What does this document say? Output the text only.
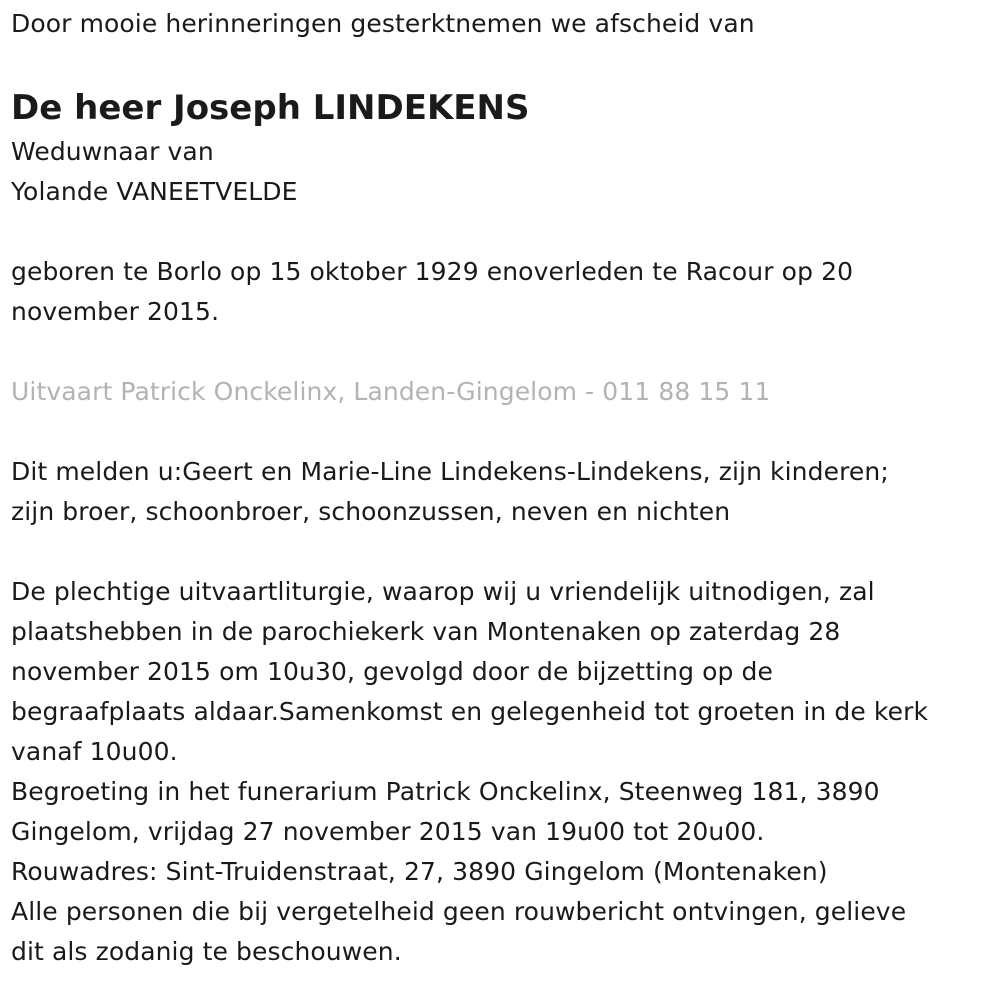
Door mooie herinneringen gesterktnemen we afscheid van
De heer Joseph LINDEKENS
Weduwnaar van
Yolande VANEETVELDE
geboren te Borlo op 15 oktober 1929 enoverleden te Racour op 20
november 2015.
Uitvaart Patrick Onckelinx, Landen-Gingelom - 011 88 15 11
Dit melden u:Geert en Marie-Line Lindekens-Lindekens, zijn kinderen;
zijn broer, schoonbroer, schoonzussen, neven en nichten
De plechtige uitvaartliturgie, waarop wij u vriendelijk uitnodigen, zal
plaatshebben in de parochiekerk van Montenaken op zaterdag 28
november 2015 om 10u30, gevolgd door de bijzetting op de
begraafplaats aldaar.Samenkomst en gelegenheid tot groeten in de kerk
vanaf 10u00.
Begroeting in het funerarium Patrick Onckelinx, Steenweg 181, 3890
Gingelom, vrijdag 27 november 2015 van 19u00 tot 20u00.
Rouwadres: Sint-Truidenstraat, 27, 3890 Gingelom (Montenaken)
Alle personen die bij vergetelheid geen rouwbericht ontvingen, gelieve
dit als zodanig te beschouwen.
